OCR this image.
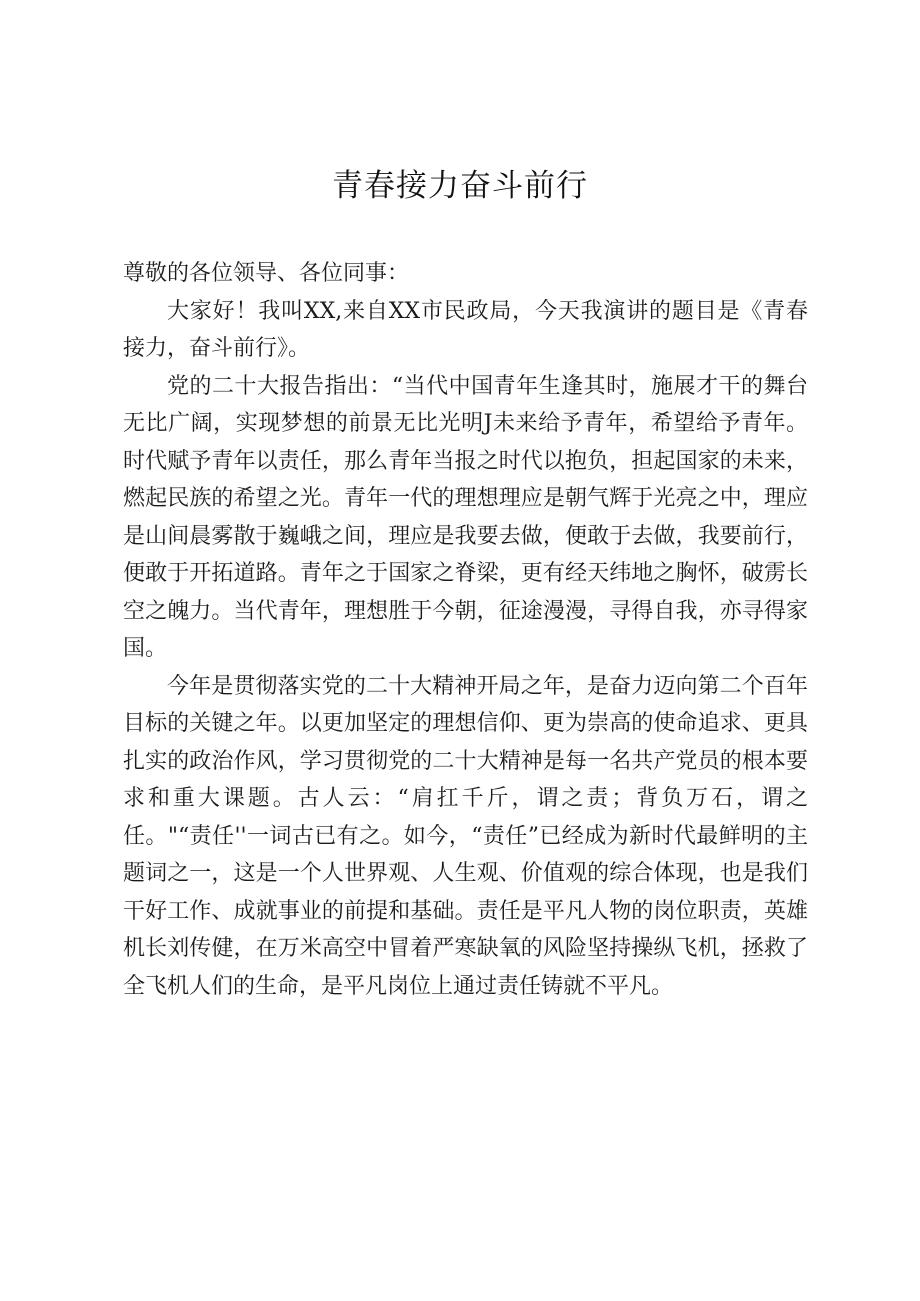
青春接力奋斗前行

尊敬的各位领导、各位同事：

大家好！我叫XX,来自XX市民政局，今天我演讲的题目是《青春接力，奋斗前行》。

党的二十大报告指出：“当代中国青年生逢其时，施展才干的舞台无比广阔，实现梦想的前景无比光明J未来给予青年，希望给予青年。时代赋予青年以责任，那么青年当报之时代以抱负，担起国家的未来，燃起民族的希望之光。青年一代的理想理应是朝气辉于光亮之中，理应是山间晨雾散于巍峨之间，理应是我要去做，便敢于去做，我要前行，便敢于开拓道路。青年之于国家之脊梁，更有经天纬地之胸怀，破雳长空之魄力。当代青年，理想胜于今朝，征途漫漫，寻得自我，亦寻得家国。

今年是贯彻落实党的二十大精神开局之年，是奋力迈向第二个百年目标的关键之年。以更加坚定的理想信仰、更为崇高的使命追求、更具扎实的政治作风，学习贯彻党的二十大精神是每一名共产党员的根本要求和重大课题。古人云：“肩扛千斤，谓之责；背负万石，谓之任。"“责任''一词古已有之。如今，“责任”已经成为新时代最鲜明的主题词之一，这是一个人世界观、人生观、价值观的综合体现，也是我们干好工作、成就事业的前提和基础。责任是平凡人物的岗位职责，英雄机长刘传健，在万米高空中冒着严寒缺氧的风险坚持操纵飞机，拯救了全飞机人们的生命，是平凡岗位上通过责任铸就不平凡。
